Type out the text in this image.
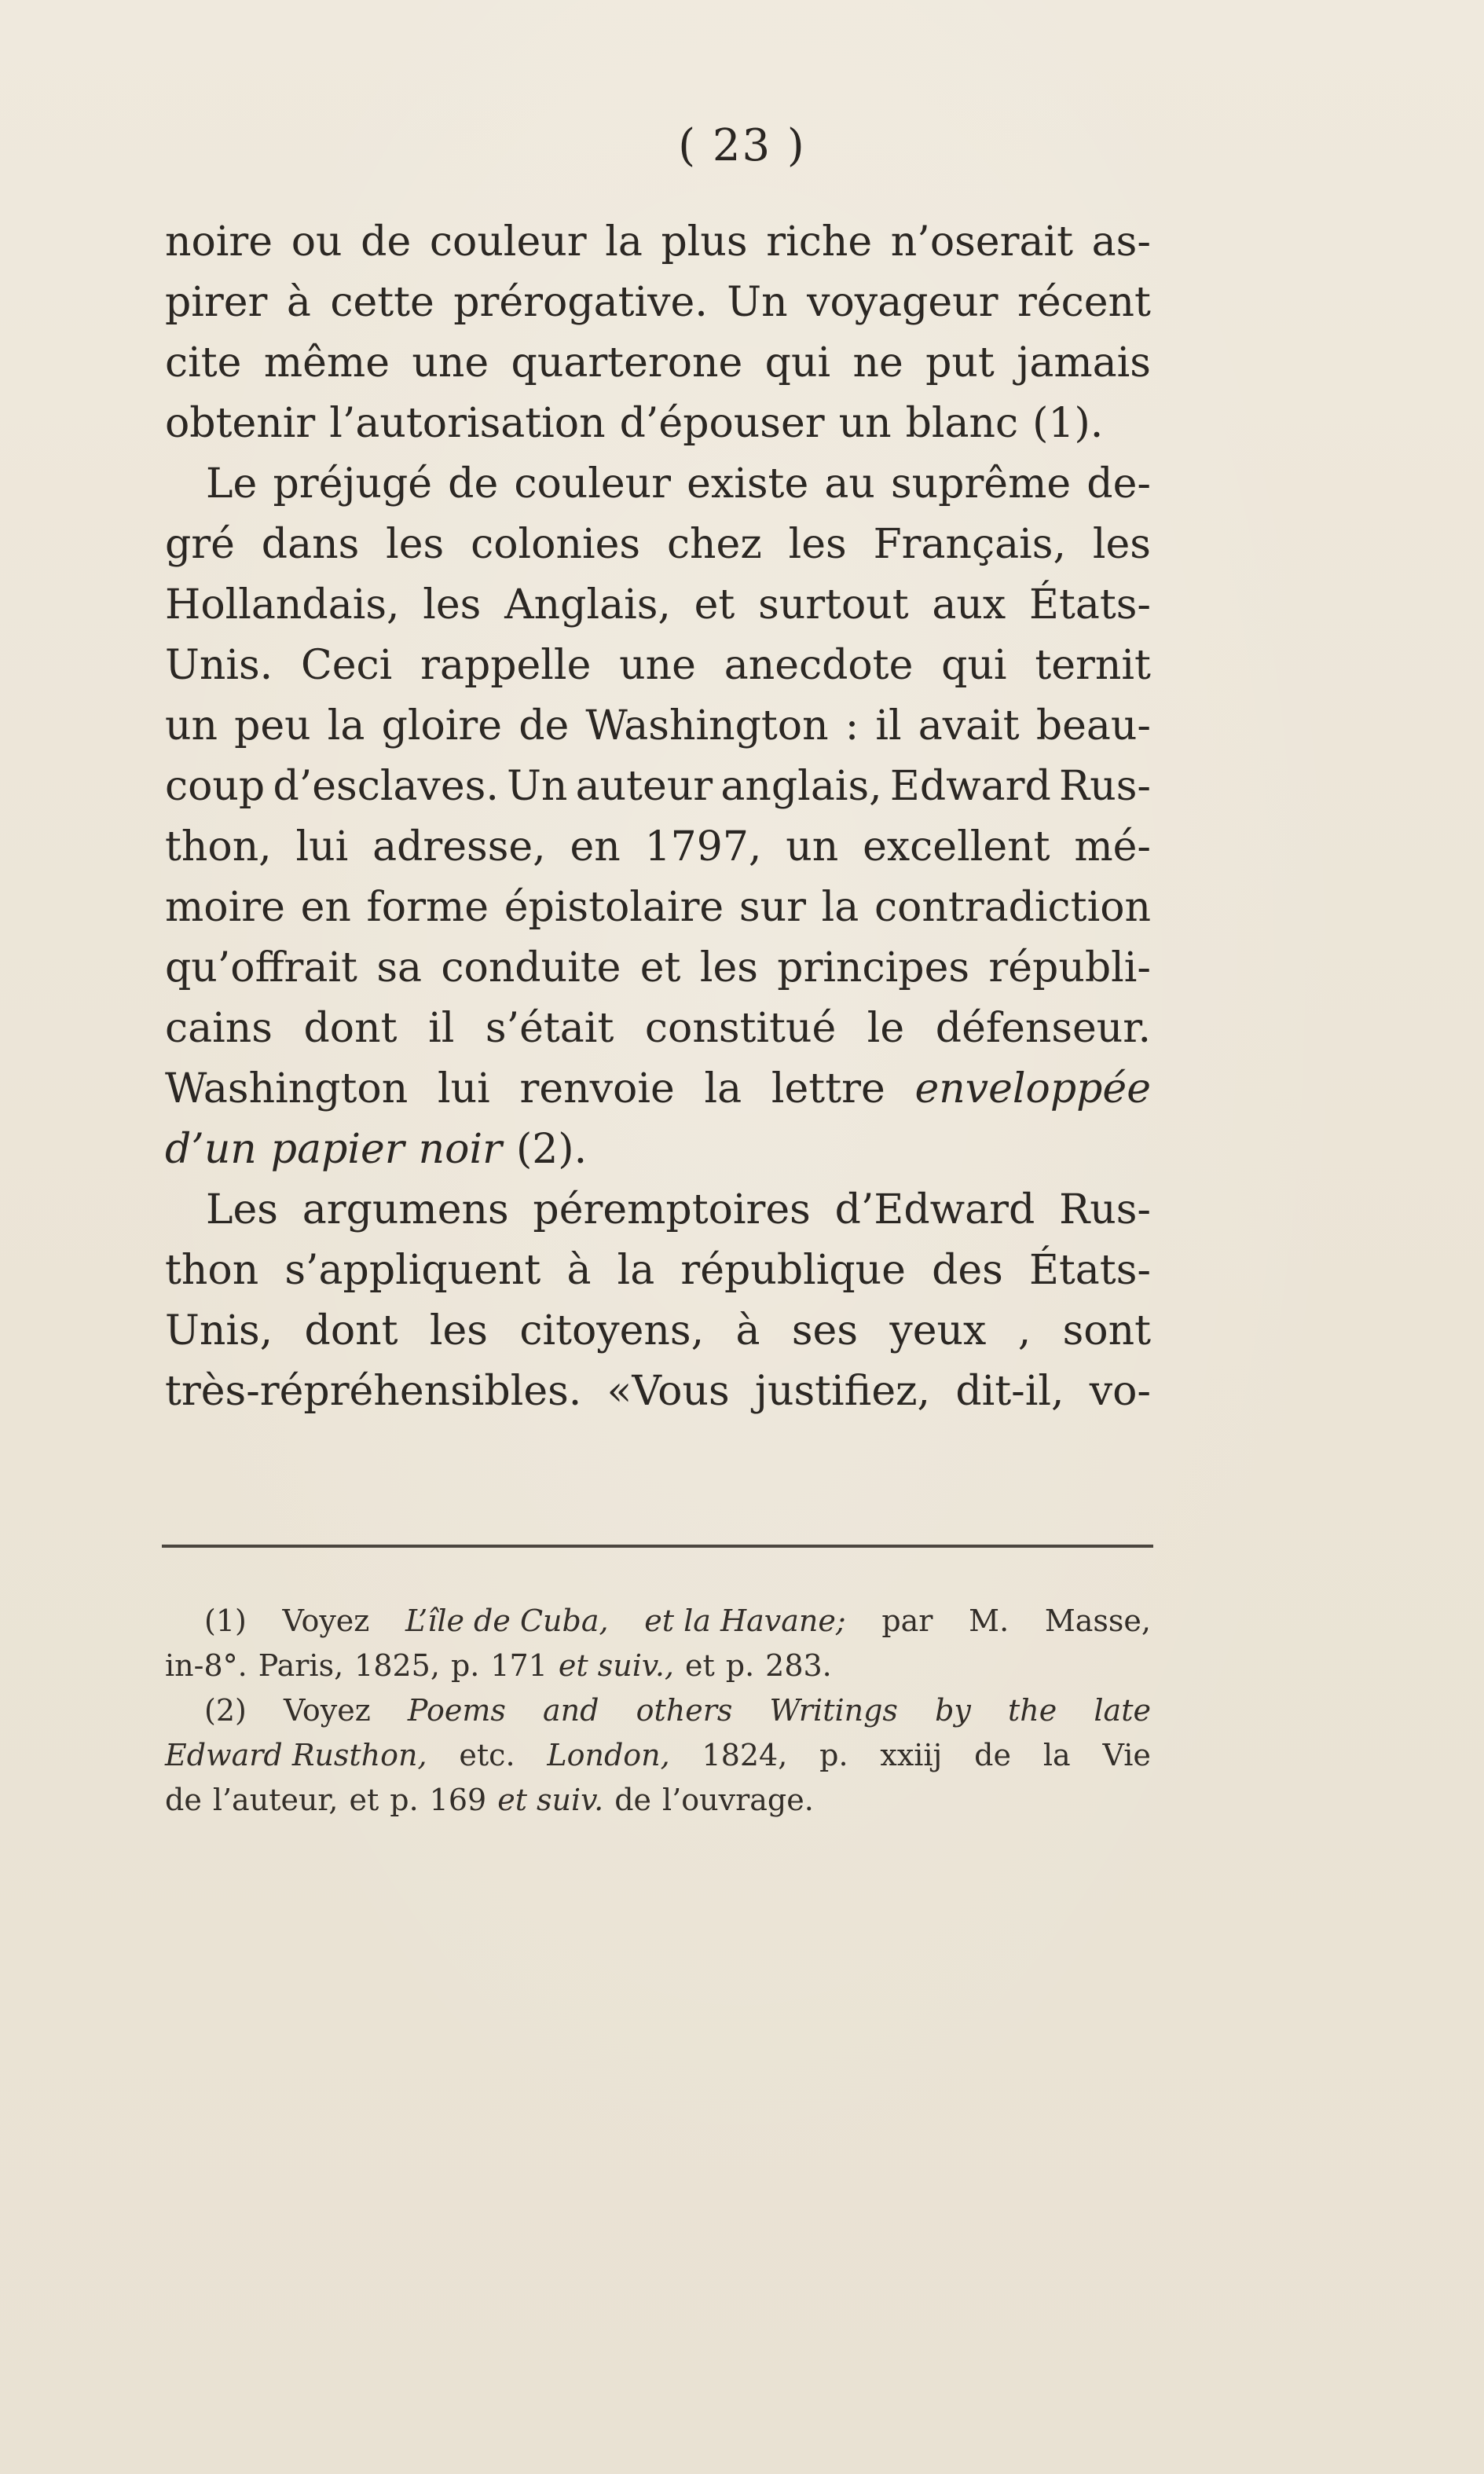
( 23 )
noire ou de couleur la plus riche n’oserait as-
pirer à cette prérogative. Un voyageur récent
cite même une quarterone qui ne put jamais
obtenir l’autorisation d’épouser un blanc (1).
Le préjugé de couleur existe au suprême de-
gré dans les colonies chez les Français, les
Hollandais, les Anglais, et surtout aux États-
Unis. Ceci rappelle une anecdote qui ternit
un peu la gloire de Washington : il avait beau-
coup d’esclaves. Un auteur anglais, Edward Rus-
thon, lui adresse, en 1797, un excellent mé-
moire en forme épistolaire sur la contradiction
qu’offrait sa conduite et les principes républi-
cains dont il s’était constitué le défenseur.
Washington lui renvoie la lettre enveloppée
d’un papier noir (2).
Les argumens péremptoires d’Edward Rus-
thon s’appliquent à la république des États-
Unis, dont les citoyens, à ses yeux , sont
très-répréhensibles. «Vous justifiez, dit-il, vo-
(1) Voyez L’île de Cuba, et la Havane; par M. Masse,
in-8°. Paris, 1825, p. 171 et suiv., et p. 283.
(2) Voyez Poems and others Writings by the late
Edward Rusthon, etc. London, 1824, p. xxiij de la Vie
de l’auteur, et p. 169 et suiv. de l’ouvrage.
